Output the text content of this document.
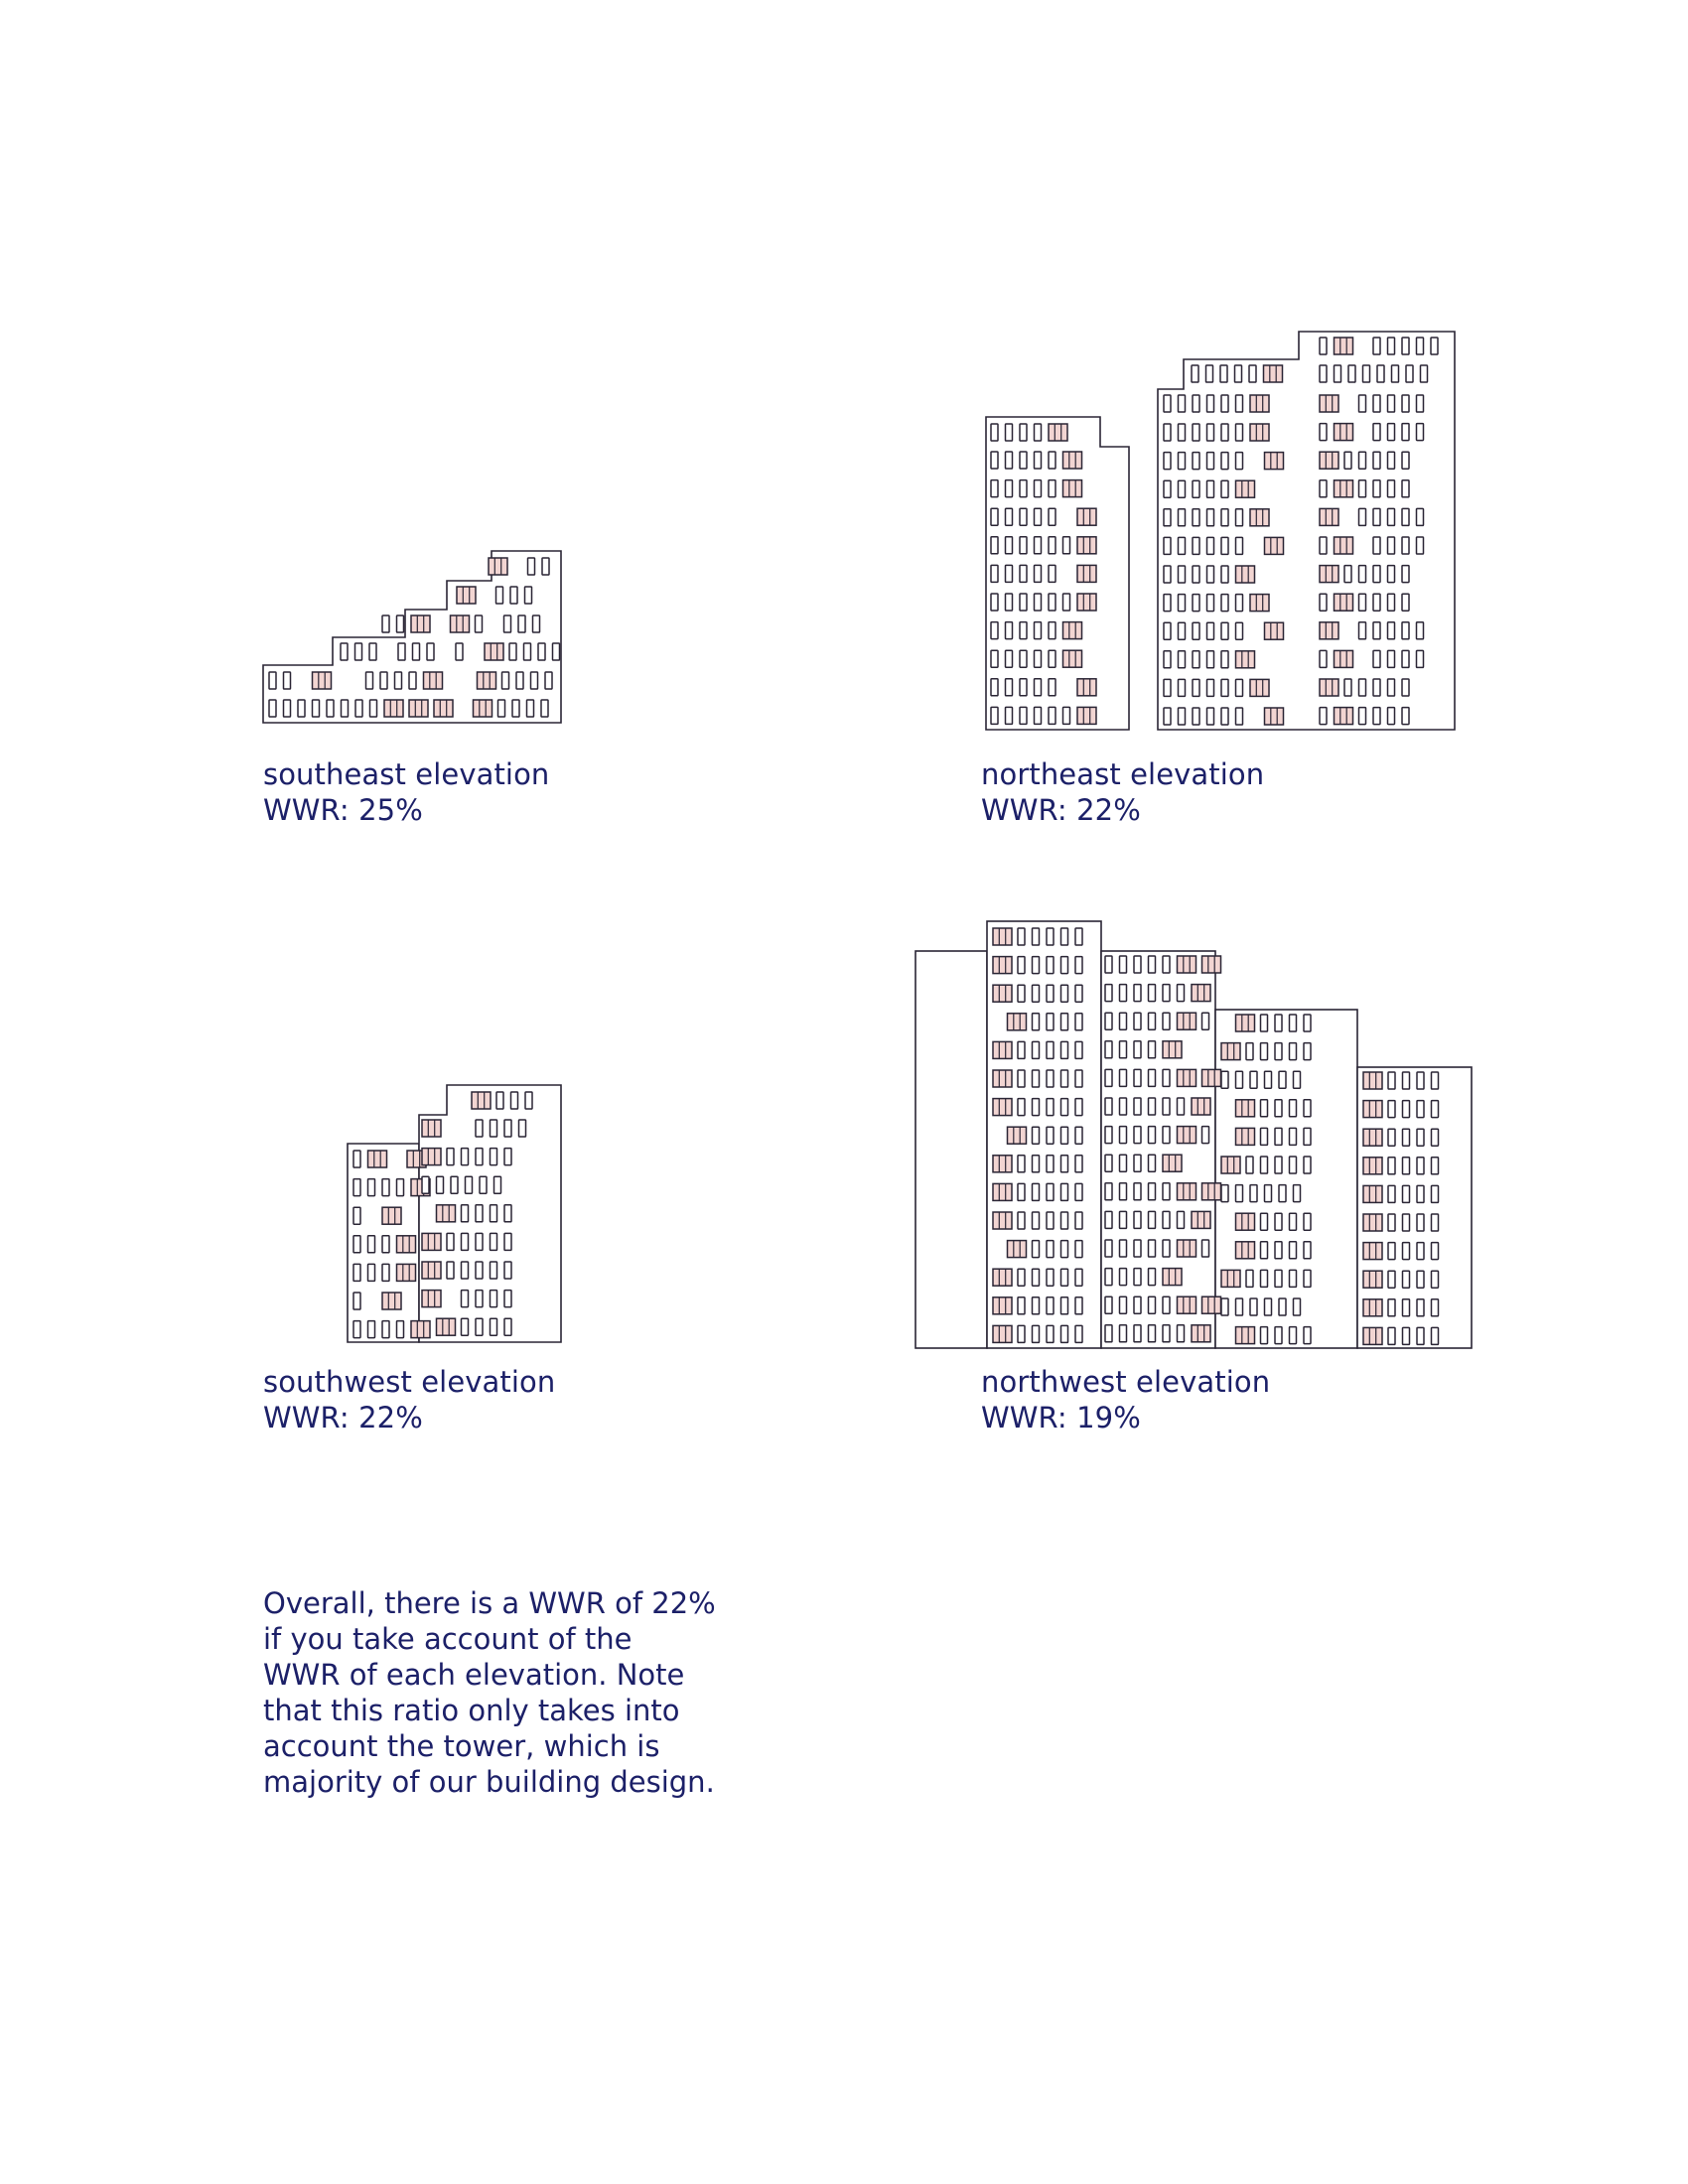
southeast elevation
WWR: 25%
northeast elevation
WWR: 22%
southwest elevation
WWR: 22%
northwest elevation
WWR: 19%
Overall, there is a WWR of 22%
if you take account of the
WWR of each elevation. Note
that this ratio only takes into
account the tower, which is
majority of our building design.
